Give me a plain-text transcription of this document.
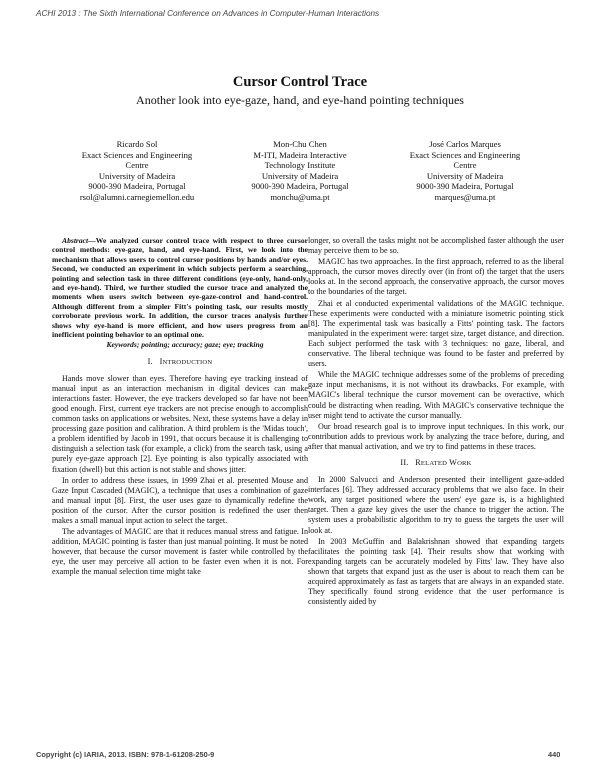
ACHI 2013 : The Sixth International Conference on Advances in Computer-Human Interactions
Cursor Control Trace
Another look into eye-gaze, hand, and eye-hand pointing techniques
Ricardo Sol
Exact Sciences and Engineering
Centre
University of Madeira
9000-390 Madeira, Portugal
rsol@alumni.carnegiemellon.edu
Mon-Chu Chen
M-ITI, Madeira Interactive
Technology Institute
University of Madeira
9000-390 Madeira, Portugal
monchu@uma.pt
José Carlos Marques
Exact Sciences and Engineering
Centre
University of Madeira
9000-390 Madeira, Portugal
marques@uma.pt

Abstract—We analyzed cursor control trace with respect to three cursor control methods: eye-gaze, hand, and eye-hand. First, we look into the mechanism that allows users to control cursor positions by hands and/or eyes. Second, we conducted an experiment in which subjects perform a searching, pointing and selection task in three different conditions (eye-only, hand-only, and eye-hand). Third, we further studied the cursor trace and analyzed the moments when users switch between eye-gaze-control and hand-control. Although different from a simpler Fitt's pointing task, our results mostly corroborate previous work. In addition, the cursor traces analysis further shows why eye-hand is more efficient, and how users progress from an inefficient pointing behavior to an optimal one.

Keywords; pointing; accuracy; gaze; eye; tracking

I. INTRODUCTION

Hands move slower than eyes. Therefore having eye tracking instead of manual input as an interaction mechanism in digital devices can make interactions faster. However, the eye trackers developed so far have not been good enough. First, current eye trackers are not precise enough to accomplish common tasks on applications or websites. Next, these systems have a delay in processing gaze position and calibration. A third problem is the 'Midas touch', a problem identified by Jacob in 1991, that occurs because it is challenging to distinguish a selection task (for example, a click) from the search task, using a purely eye-gaze approach [2]. Eye pointing is also typically associated with fixation (dwell) but this action is not stable and shows jitter.

In order to address these issues, in 1999 Zhai et al. presented Mouse and Gaze Input Cascaded (MAGIC), a technique that uses a combination of gaze and manual input [8]. First, the user uses gaze to dynamically redefine the position of the cursor. After the cursor position is redefined the user then makes a small manual input action to select the target.

The advantages of MAGIC are that it reduces manual stress and fatigue. In addition, MAGIC pointing is faster than just manual pointing. It must be noted however, that because the cursor movement is faster while controlled by the eye, the user may perceive all action to be faster even when it is not. For example the manual selection time might take

longer, so overall the tasks might not be accomplished faster although the user may perceive them to be so.

MAGIC has two approaches. In the first approach, referred to as the liberal approach, the cursor moves directly over (in front of) the target that the users looks at. In the second approach, the conservative approach, the cursor moves to the boundaries of the target.

Zhai et al conducted experimental validations of the MAGIC technique. These experiments were conducted with a miniature isometric pointing stick [8]. The experimental task was basically a Fitts' pointing task. The factors manipulated in the experiment were: target size, target distance, and direction. Each subject performed the task with 3 techniques: no gaze, liberal, and conservative. The liberal technique was found to be faster and preferred by users.

While the MAGIC technique addresses some of the problems of preceding gaze input mechanisms, it is not without its drawbacks. For example, with MAGIC's liberal technique the cursor movement can be overactive, which could be distracting when reading. With MAGIC's conservative technique the user might tend to activate the cursor manually.

Our broad research goal is to improve input techniques. In this work, our contribution adds to previous work by analyzing the trace before, during, and after that manual activation, and we try to find patterns in these traces.

II. RELATED WORK

In 2000 Salvucci and Anderson presented their intelligent gaze-added interfaces [6]. They addressed accuracy problems that we also face. In their work, any target positioned where the users' eye gaze is, is a highlighted target. Then a gaze key gives the user the chance to trigger the action. The system uses a probabilistic algorithm to try to guess the targets the user will look at.

In 2003 McGuffin and Balakrishnan showed that expanding targets facilitates the pointing task [4]. Their results show that working with expanding targets can be accurately modeled by Fitts' law. They have also shown that targets that expand just as the user is about to reach them can be acquired approximately as fast as targets that are always in an expanded state. They specifically found strong evidence that the user performance is consistently aided by

Copyright (c) IARIA, 2013. ISBN: 978-1-61208-250-9	440
